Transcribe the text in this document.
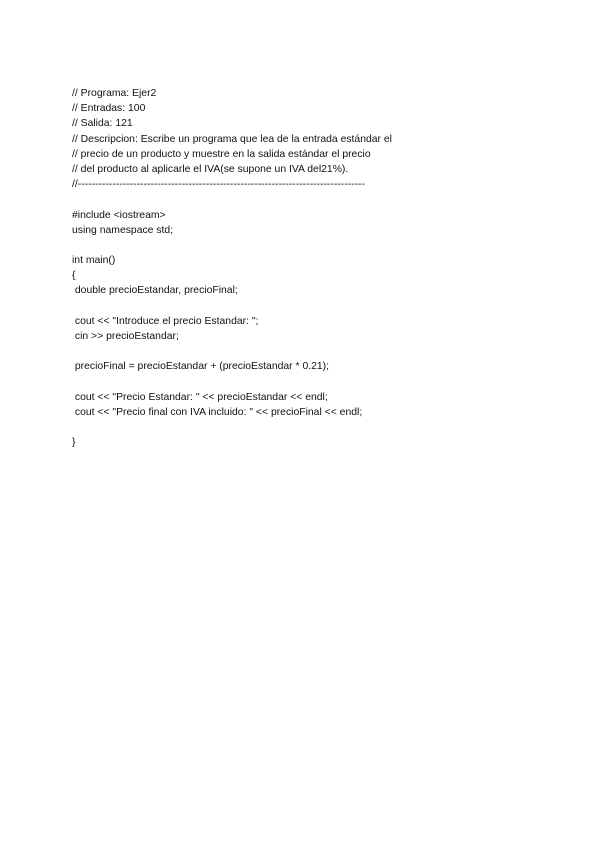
// Programa: Ejer2
// Entradas: 100
// Salida: 121
// Descripcion: Escribe un programa que lea de la entrada estándar el
// precio de un producto y muestre en la salida estándar el precio
// del producto al aplicarle el IVA(se supone un IVA del21%).
//-----------------------------------------------------------------------------------
#include <iostream>
using namespace std;
int main()
{
double precioEstandar, precioFinal;
cout << "Introduce el precio Estandar: ";
cin >> precioEstandar;
precioFinal = precioEstandar + (precioEstandar * 0.21);
cout << "Precio Estandar: " << precioEstandar << endl;
cout << "Precio final con IVA incluido: " << precioFinal << endl;
}
